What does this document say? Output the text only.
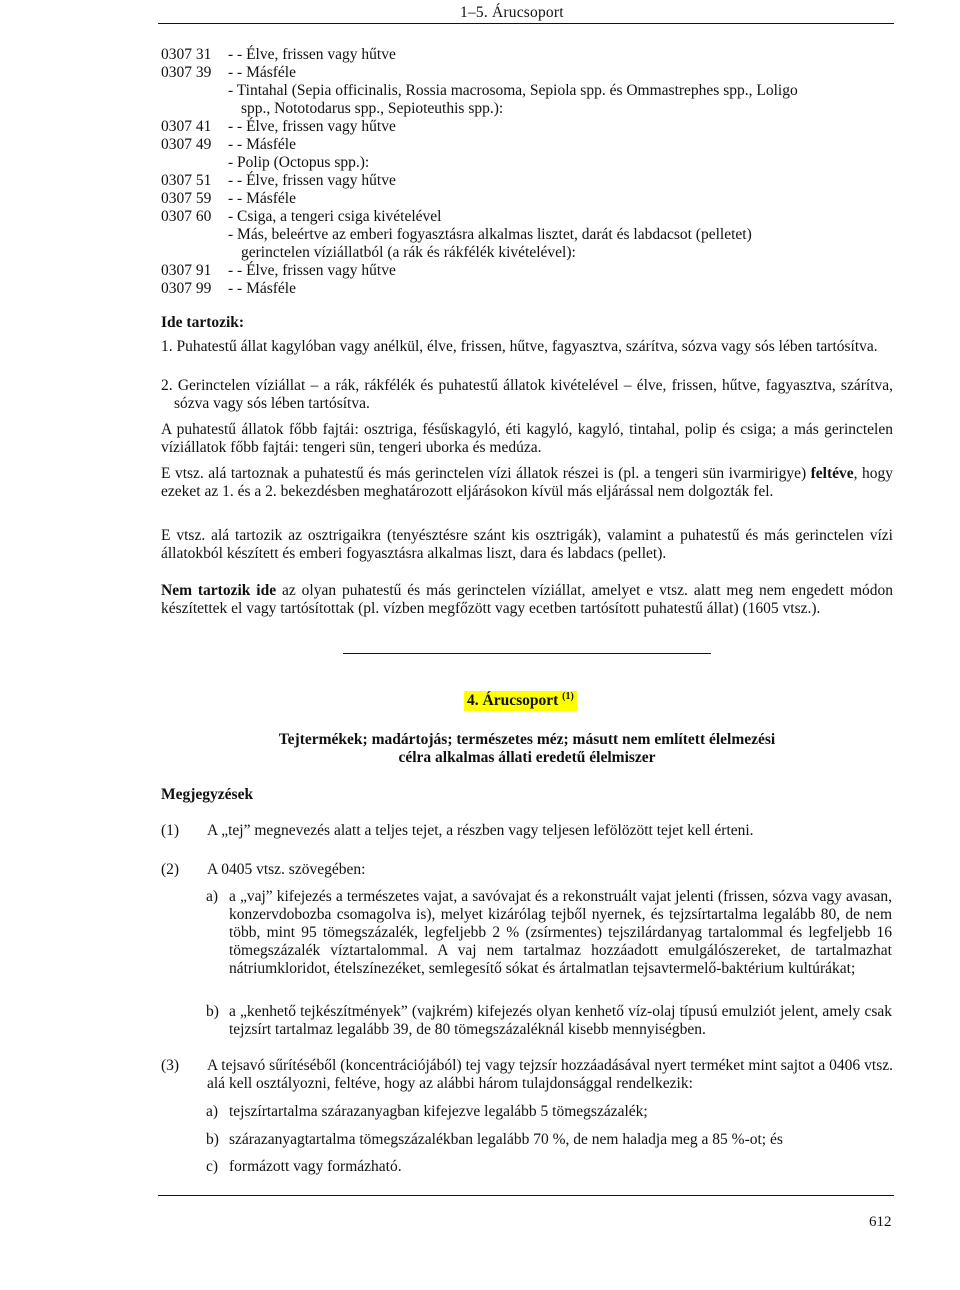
1–5. Árucsoport
0307 31	- - Élve, frissen vagy hűtve
0307 39	- - Másféle
- Tintahal (Sepia officinalis, Rossia macrosoma, Sepiola spp. és Ommastrephes spp., Loligo
spp., Nototodarus spp., Sepioteuthis spp.):
0307 41	- - Élve, frissen vagy hűtve
0307 49	- - Másféle
- Polip (Octopus spp.):
0307 51	- - Élve, frissen vagy hűtve
0307 59	- - Másféle
0307 60	- Csiga, a tengeri csiga kivételével
- Más, beleértve az emberi fogyasztásra alkalmas lisztet, darát és labdacsot (pelletet)
gerinctelen víziállatból (a rák és rákfélék kivételével):
0307 91	- - Élve, frissen vagy hűtve
0307 99	- - Másféle

Ide tartozik:

1. Puhatestű állat kagylóban vagy anélkül, élve, frissen, hűtve, fagyasztva, szárítva, sózva vagy sós lében tartósítva.

2. Gerinctelen víziállat – a rák, rákfélék és puhatestű állatok kivételével – élve, frissen, hűtve, fagyasztva, szárítva, sózva vagy sós lében tartósítva.

A puhatestű állatok főbb fajtái: osztriga, fésűskagyló, éti kagyló, kagyló, tintahal, polip és csiga; a más gerinctelen víziállatok főbb fajtái: tengeri sün, tengeri uborka és medúza.

E vtsz. alá tartoznak a puhatestű és más gerinctelen vízi állatok részei is (pl. a tengeri sün ivarmirigye) feltéve, hogy ezeket az 1. és a 2. bekezdésben meghatározott eljárásokon kívül más eljárással nem dolgozták fel.

E vtsz. alá tartozik az osztrigaikra (tenyésztésre szánt kis osztrigák), valamint a puhatestű és más gerinctelen vízi állatokból készített és emberi fogyasztásra alkalmas liszt, dara és labdacs (pellet).

Nem tartozik ide az olyan puhatestű és más gerinctelen víziállat, amelyet e vtsz. alatt meg nem engedett módon készítettek el vagy tartósítottak (pl. vízben megfőzött vagy ecetben tartósított puhatestű állat) (1605 vtsz.).

4. Árucsoport $^{(1)}$
Tejtermékek; madártojás; természetes méz; másutt nem említett élelmezési
célra alkalmas állati eredetű élelmiszer
Megjegyzések
(1) A „tej” megnevezés alatt a teljes tejet, a részben vagy teljesen lefölözött tejet kell érteni.
(2) A 0405 vtsz. szövegében:
a) a „vaj” kifejezés a természetes vajat, a savóvajat és a rekonstruált vajat jelenti (frissen, sózva vagy avasan, konzervdobozba csomagolva is), melyet kizárólag tejből nyernek, és tejzsírtartalma legalább 80, de nem több, mint 95 tömegszázalék, legfeljebb 2 % (zsírmentes) tejszilárdanyag tartalommal és legfeljebb 16 tömegszázalék víztartalommal. A vaj nem tartalmaz hozzáadott emulgálószereket, de tartalmazhat nátriumkloridot, ételszínezéket, semlegesítő sókat és ártalmatlan tejsavtermelő-baktérium kultúrákat;
b) a „kenhető tejkészítmények” (vajkrém) kifejezés olyan kenhető víz-olaj típusú emulziót jelent, amely csak tejzsírt tartalmaz legalább 39, de 80 tömegszázaléknál kisebb mennyiségben.
(3) A tejsavó sűrítéséből (koncentrációjából) tej vagy tejzsír hozzáadásával nyert terméket mint sajtot a 0406 vtsz. alá kell osztályozni, feltéve, hogy az alábbi három tulajdonsággal rendelkezik:
a) tejszírtartalma szárazanyagban kifejezve legalább 5 tömegszázalék;
b) szárazanyagtartalma tömegszázalékban legalább 70 %, de nem haladja meg a 85 %-ot; és
c) formázott vagy formázható.
612
